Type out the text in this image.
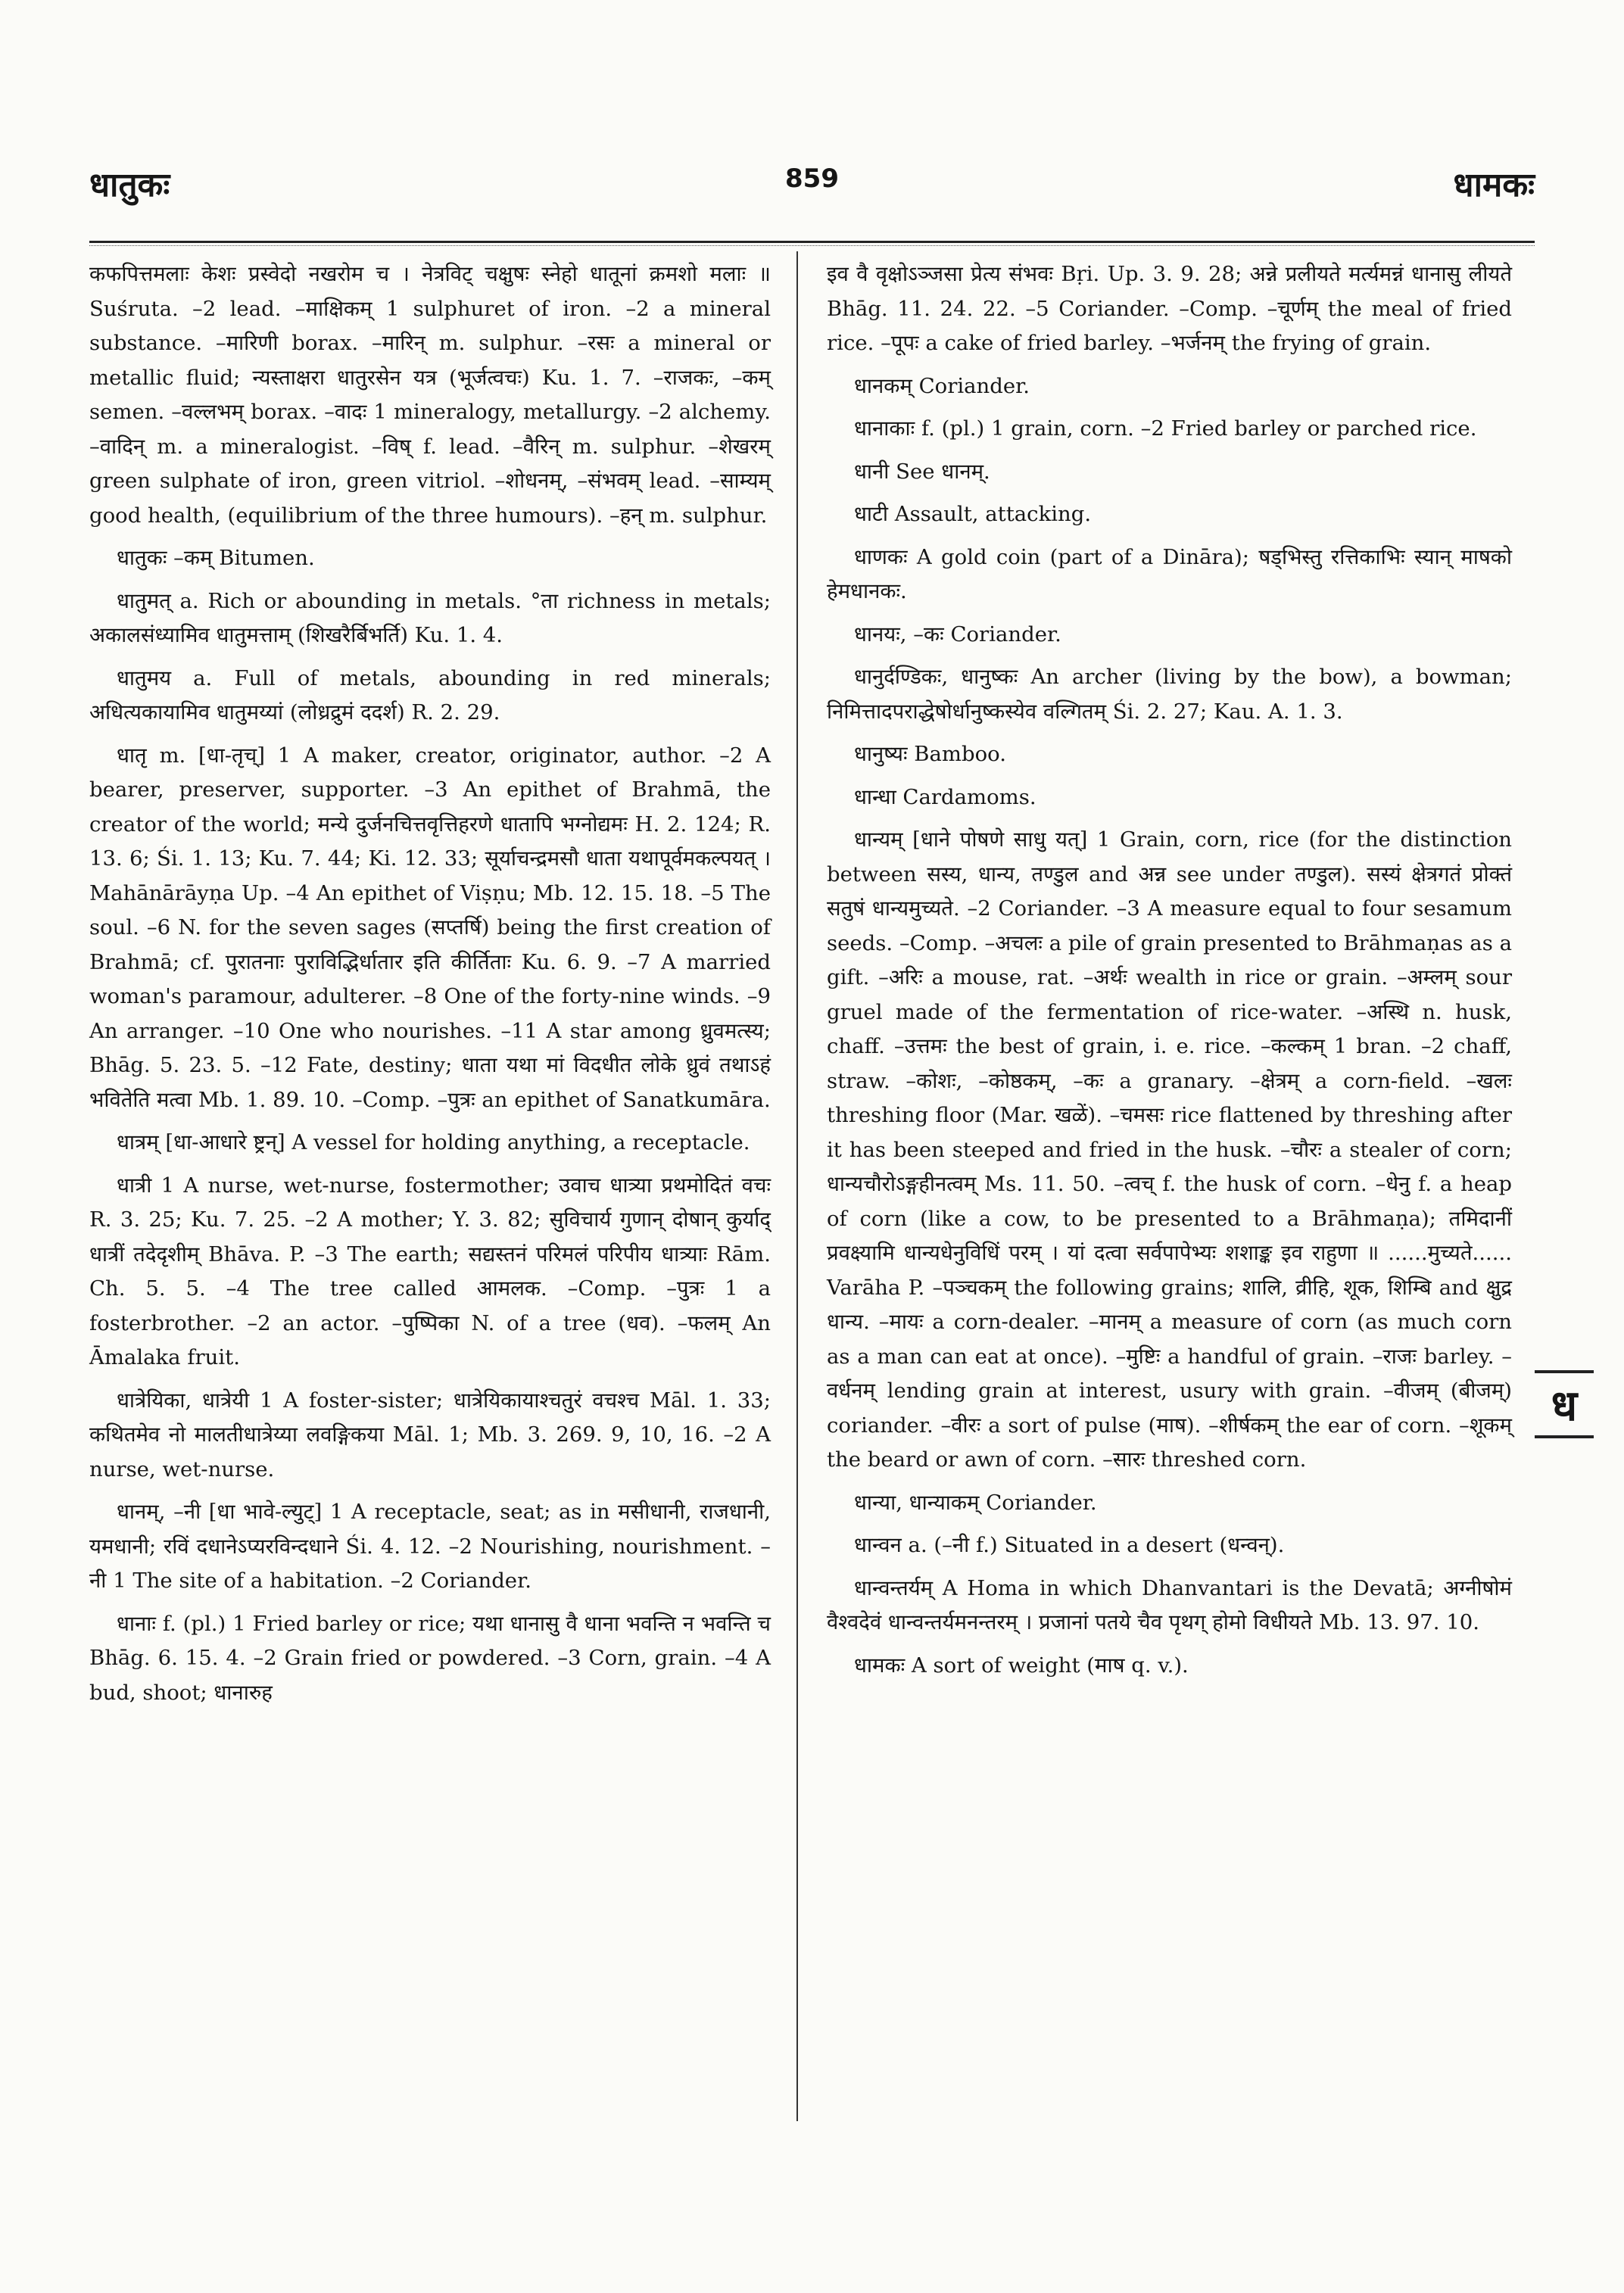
धातुकः	859	धामकः

कफपित्तमलाः केशः प्रस्वेदो नखरोम च । नेत्रविट् चक्षुषः स्नेहो धातूनां क्रमशो मलाः ॥ Suśruta. –2 lead. –माक्षिकम् 1 sulphuret of iron. –2 a mineral substance. –मारिणी borax. –मारिन् m. sulphur. –रसः a mineral or metallic fluid; न्यस्ताक्षरा धातुरसेन यत्र (भूर्जत्वचः) Ku. 1. 7. –राजकः, –कम् semen. –वल्लभम् borax. –वादः 1 mineralogy, metallurgy. –2 alchemy. –वादिन् m. a mineralogist. –विष् f. lead. –वैरिन् m. sulphur. –शेखरम् green sulphate of iron, green vitriol. –शोधनम्, –संभवम् lead. –साम्यम् good health, (equilibrium of the three humours). –हन् m. sulphur.

धातुकः –कम् Bitumen.

धातुमत् a. Rich or abounding in metals. °ता richness in metals; अकालसंध्यामिव धातुमत्ताम् (शिखरैर्बिभर्ति) Ku. 1. 4.

धातुमय a. Full of metals, abounding in red minerals; अधित्यकायामिव धातुमय्यां (लोध्रद्रुमं ददर्श) R. 2. 29.

धातृ m. [धा-तृच्] 1 A maker, creator, originator, author. –2 A bearer, preserver, supporter. –3 An epithet of Brahmā, the creator of the world; मन्ये दुर्जनचित्तवृत्तिहरणे धातापि भग्नोद्यमः H. 2. 124; R. 13. 6; Śi. 1. 13; Ku. 7. 44; Ki. 12. 33; सूर्याचन्द्रमसौ धाता यथापूर्वमकल्पयत् । Mahānārāyṇa Up. –4 An epithet of Viṣṇu; Mb. 12. 15. 18. –5 The soul. –6 N. for the seven sages (सप्तर्षि) being the first creation of Brahmā; cf. पुरातनाः पुराविद्भिर्धातार इति कीर्तिताः Ku. 6. 9. –7 A married woman's paramour, adulterer. –8 One of the forty-nine winds. –9 An arranger. –10 One who nourishes. –11 A star among ध्रुवमत्स्य; Bhāg. 5. 23. 5. –12 Fate, destiny; धाता यथा मां विदधीत लोके ध्रुवं तथाऽहं भवितेति मत्वा Mb. 1. 89. 10. –Comp. –पुत्रः an epithet of Sanatkumāra.

धात्रम् [धा-आधारे ष्ट्रन्] A vessel for holding anything, a receptacle.

धात्री 1 A nurse, wet-nurse, fostermother; उवाच धात्र्या प्रथमोदितं वचः R. 3. 25; Ku. 7. 25. –2 A mother; Y. 3. 82; सुविचार्य गुणान् दोषान् कुर्याद् धात्रीं तदेदृशीम् Bhāva. P. –3 The earth; सद्यस्तनं परिमलं परिपीय धात्र्याः Rām. Ch. 5. 5. –4 The tree called आमलक. –Comp. –पुत्रः 1 a fosterbrother. –2 an actor. –पुष्पिका N. of a tree (धव). –फलम् An Āmalaka fruit.

धात्रेयिका, धात्रेयी 1 A foster-sister; धात्रेयिकायाश्चतुरं वचश्च Māl. 1. 33; कथितमेव नो मालतीधात्रेय्या लवङ्गिकया Māl. 1; Mb. 3. 269. 9, 10, 16. –2 A nurse, wet-nurse.

धानम्, –नी [धा भावे-ल्युट्] 1 A receptacle, seat; as in मसीधानी, राजधानी, यमधानी; रविं दधानेऽप्यरविन्दधाने Śi. 4. 12. –2 Nourishing, nourishment. –नी 1 The site of a habitation. –2 Coriander.

धानाः f. (pl.) 1 Fried barley or rice; यथा धानासु वै धाना भवन्ति न भवन्ति च Bhāg. 6. 15. 4. –2 Grain fried or powdered. –3 Corn, grain. –4 A bud, shoot; धानारुह

इव वै वृक्षोऽञ्जसा प्रेत्य संभवः Bṛi. Up. 3. 9. 28; अन्ने प्रलीयते मर्त्यमन्नं धानासु लीयते Bhāg. 11. 24. 22. –5 Coriander. –Comp. –चूर्णम् the meal of fried rice. –पूपः a cake of fried barley. –भर्जनम् the frying of grain.

धानकम् Coriander.

धानाकाः f. (pl.) 1 grain, corn. –2 Fried barley or parched rice.

धानी See धानम्.

धाटी Assault, attacking.

धाणकः A gold coin (part of a Dināra); षड्भिस्तु रत्तिकाभिः स्यान् माषको हेमधानकः.

धानयः, –कः Coriander.

धानुर्दण्डिकः, धानुष्कः An archer (living by the bow), a bowman; निमित्तादपराद्धेषोर्धानुष्कस्येव वल्गितम् Śi. 2. 27; Kau. A. 1. 3.

धानुष्यः Bamboo.

धान्धा Cardamoms.

धान्यम् [धाने पोषणे साधु यत्] 1 Grain, corn, rice (for the distinction between सस्य, धान्य, तण्डुल and अन्न see under तण्डुल). सस्यं क्षेत्रगतं प्रोक्तं सतुषं धान्यमुच्यते. –2 Coriander. –3 A measure equal to four sesamum seeds. –Comp. –अचलः a pile of grain presented to Brāhmaṇas as a gift. –अरिः a mouse, rat. –अर्थः wealth in rice or grain. –अम्लम् sour gruel made of the fermentation of rice-water. –अस्थि n. husk, chaff. –उत्तमः the best of grain, i. e. rice. –कल्कम् 1 bran. –2 chaff, straw. –कोशः, –कोष्ठकम्, –कः a granary. –क्षेत्रम् a corn-field. –खलः threshing floor (Mar. खळें). –चमसः rice flattened by threshing after it has been steeped and fried in the husk. –चौरः a stealer of corn; धान्यचौरोऽङ्गहीनत्वम् Ms. 11. 50. –त्वच् f. the husk of corn. –धेनु f. a heap of corn (like a cow, to be presented to a Brāhmaṇa); तमिदानीं प्रवक्ष्यामि धान्यधेनुविधिं परम् । यां दत्वा सर्वपापेभ्यः शशाङ्क इव राहुणा ॥ ......मुच्यते...... Varāha P. –पञ्चकम् the following grains; शालि, व्रीहि, शूक, शिम्बि and क्षुद्र धान्य. –मायः a corn-dealer. –मानम् a measure of corn (as much corn as a man can eat at once). –मुष्टिः a handful of grain. –राजः barley. –वर्धनम् lending grain at interest, usury with grain. –वीजम् (बीजम्) coriander. –वीरः a sort of pulse (माष). –शीर्षकम् the ear of corn. –शूकम् the beard or awn of corn. –सारः threshed corn.

धान्या, धान्याकम् Coriander.

धान्वन a. (–नी f.) Situated in a desert (धन्वन्).

धान्वन्तर्यम् A Homa in which Dhanvantari is the Devatā; अग्नीषोमं वैश्वदेवं धान्वन्तर्यमनन्तरम् । प्रजानां पतये चैव पृथग् होमो विधीयते Mb. 13. 97. 10.

धामकः A sort of weight (माष q. v.).

ध
